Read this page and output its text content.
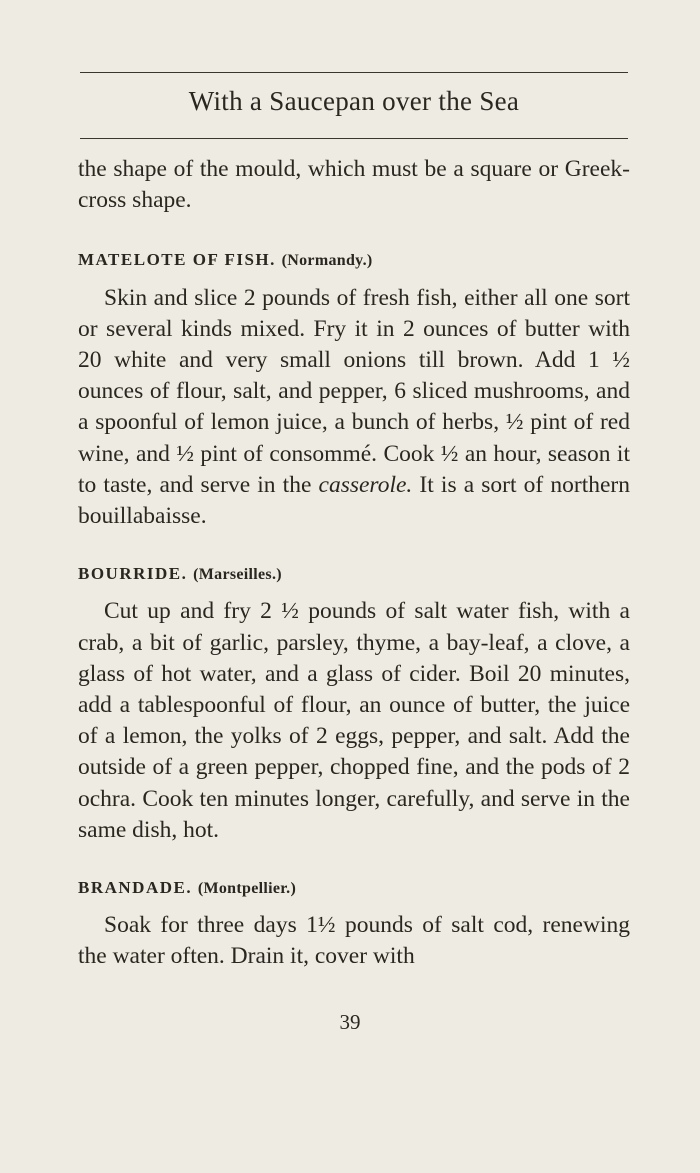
With a Saucepan over the Sea

the shape of the mould, which must be a square or Greek-cross shape.

MATELOTE OF FISH. (Normandy.)

Skin and slice 2 pounds of fresh fish, either all one sort or several kinds mixed. Fry it in 2 ounces of butter with 20 white and very small onions till brown. Add 1 ½ ounces of flour, salt, and pepper, 6 sliced mushrooms, and a spoonful of lemon juice, a bunch of herbs, ½ pint of red wine, and ½ pint of consommé. Cook ½ an hour, season it to taste, and serve in the casserole. It is a sort of northern bouillabaisse.

BOURRIDE. (Marseilles.)

Cut up and fry 2 ½ pounds of salt water fish, with a crab, a bit of garlic, parsley, thyme, a bay-leaf, a clove, a glass of hot water, and a glass of cider. Boil 20 minutes, add a tablespoonful of flour, an ounce of butter, the juice of a lemon, the yolks of 2 eggs, pepper, and salt. Add the outside of a green pepper, chopped fine, and the pods of 2 ochra. Cook ten minutes longer, carefully, and serve in the same dish, hot.

BRANDADE. (Montpellier.)

Soak for three days 1½ pounds of salt cod, renewing the water often. Drain it, cover with

39
